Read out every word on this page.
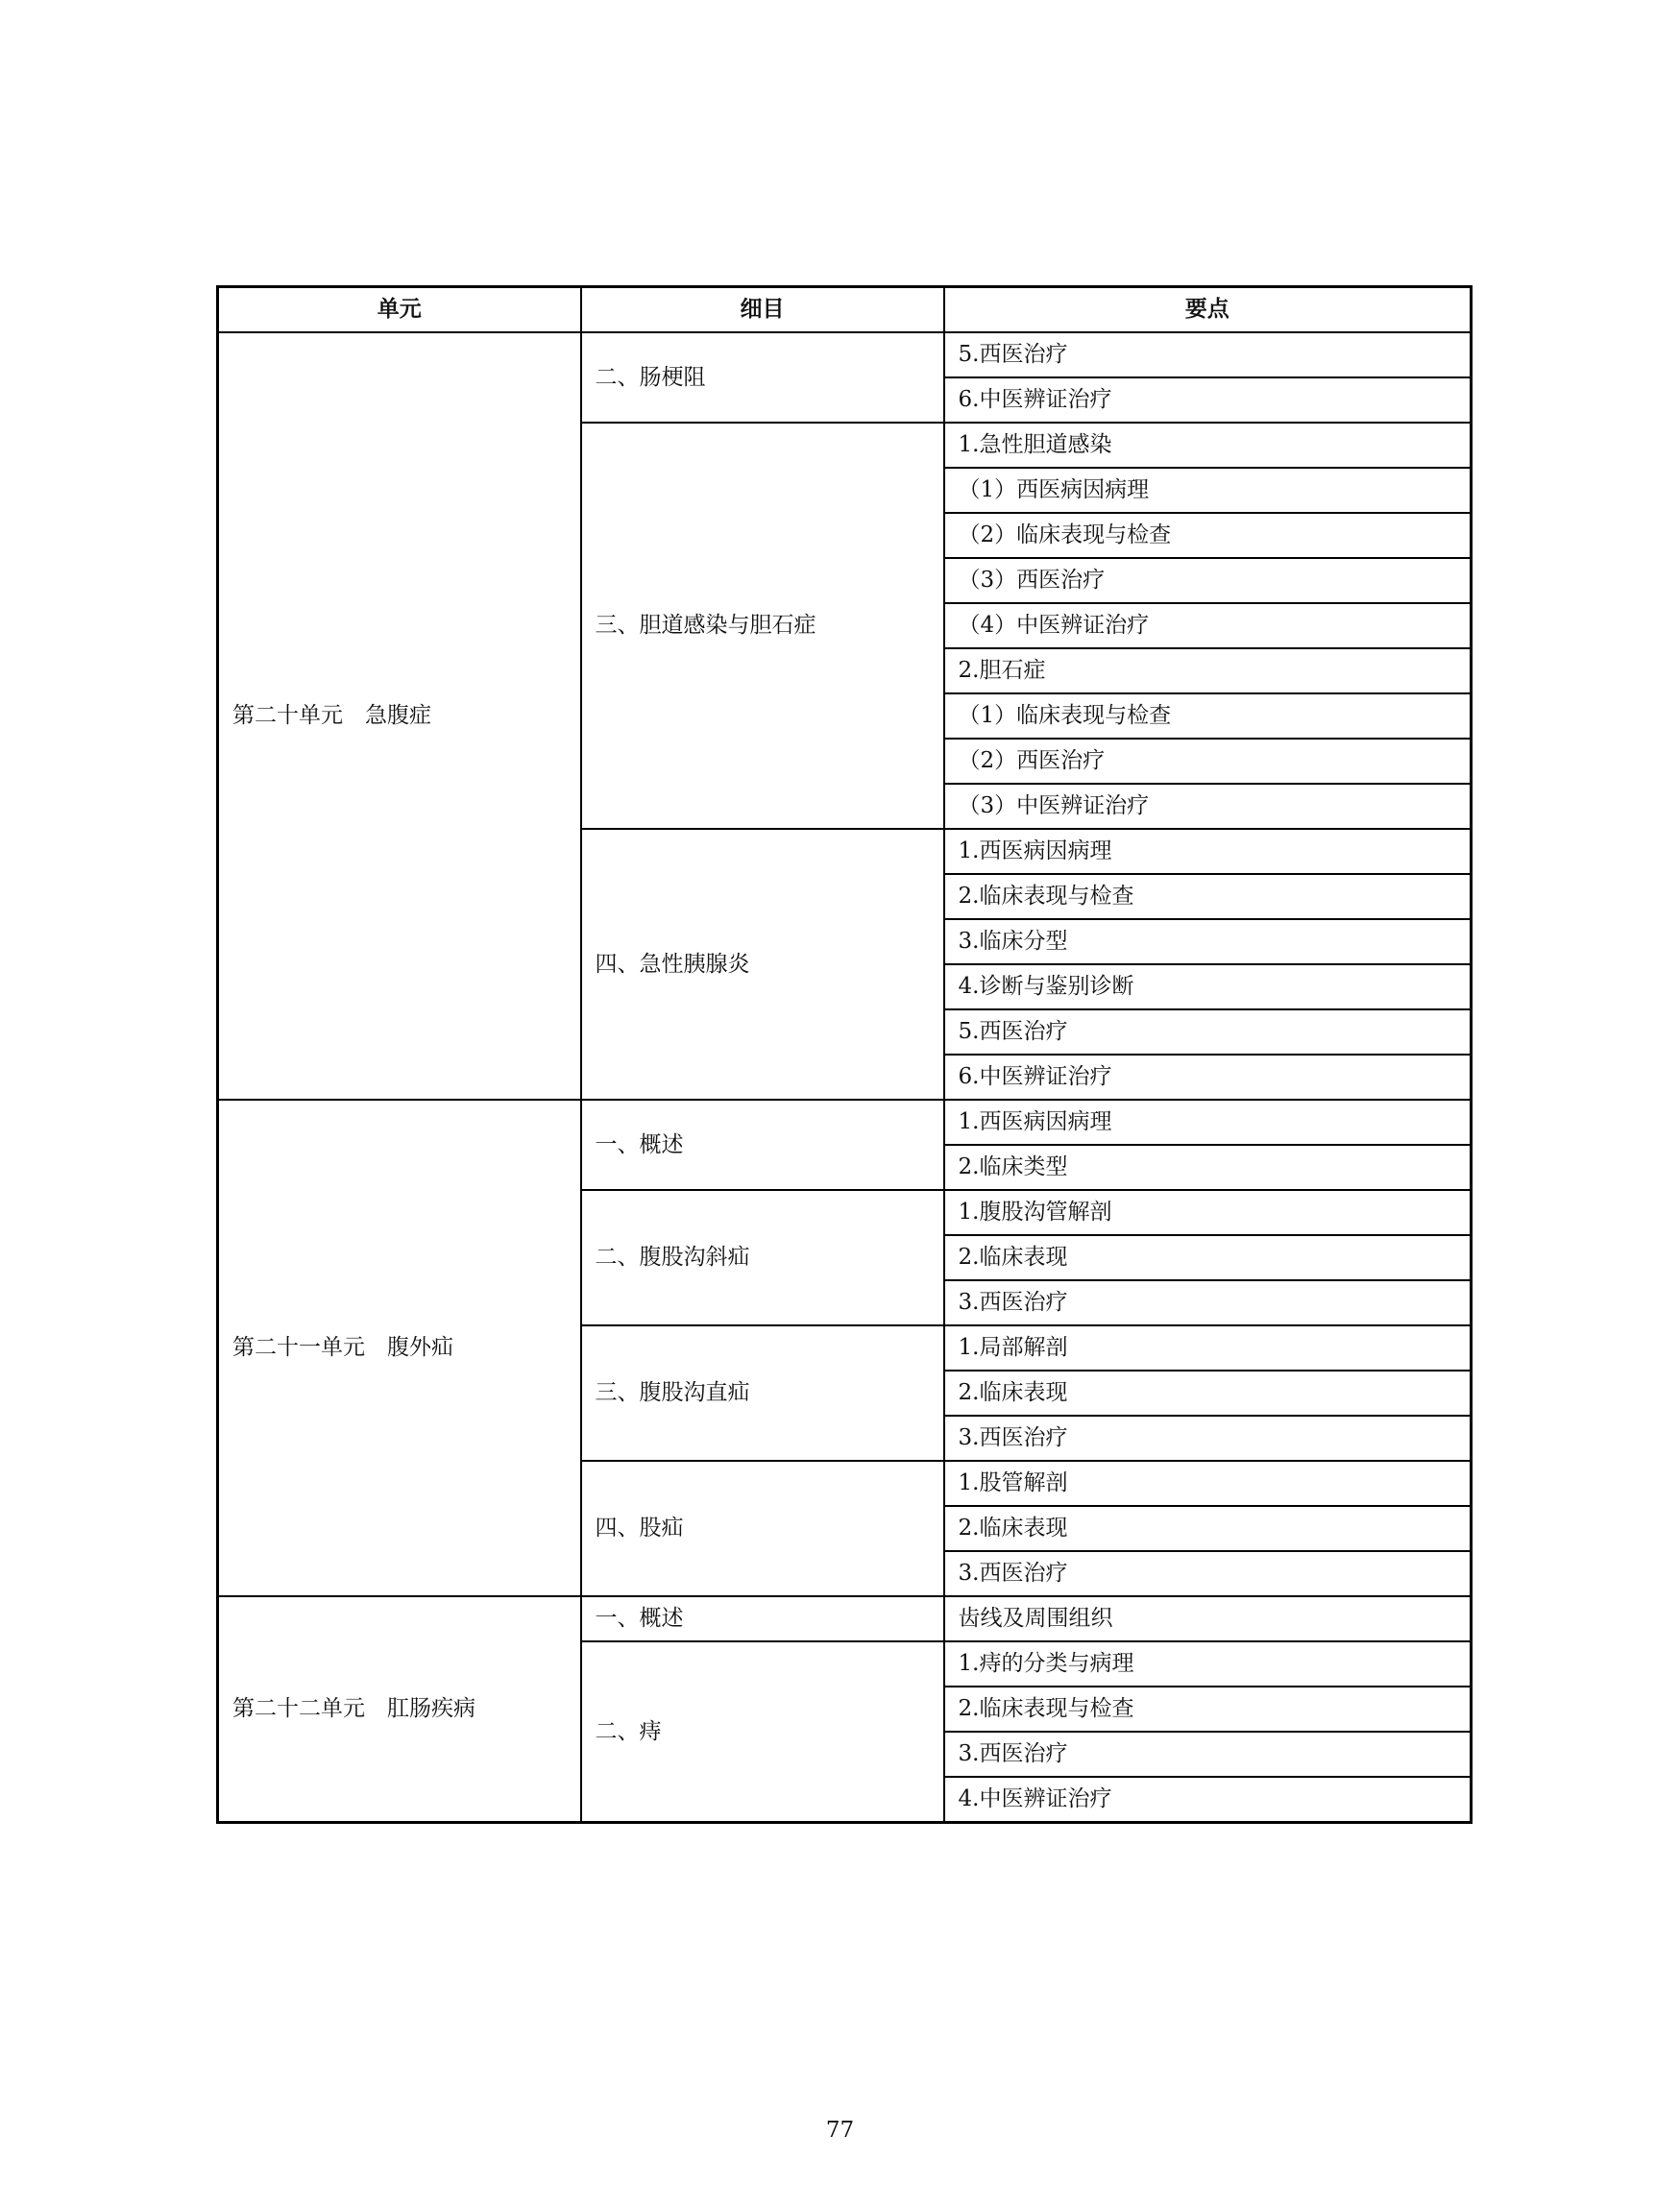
单元	细目	要点
第二十单元　急腹症	二、肠梗阻	5.西医治疗
		6.中医辨证治疗
	三、胆道感染与胆石症	1.急性胆道感染
		（1）西医病因病理
		（2）临床表现与检查
		（3）西医治疗
		（4）中医辨证治疗
		2.胆石症
		（1）临床表现与检查
		（2）西医治疗
		（3）中医辨证治疗
	四、急性胰腺炎	1.西医病因病理
		2.临床表现与检查
		3.临床分型
		4.诊断与鉴别诊断
		5.西医治疗
		6.中医辨证治疗
第二十一单元　腹外疝	一、概述	1.西医病因病理
		2.临床类型
	二、腹股沟斜疝	1.腹股沟管解剖
		2.临床表现
		3.西医治疗
	三、腹股沟直疝	1.局部解剖
		2.临床表现
		3.西医治疗
	四、股疝	1.股管解剖
		2.临床表现
		3.西医治疗
第二十二单元　肛肠疾病	一、概述	齿线及周围组织
	二、痔	1.痔的分类与病理
		2.临床表现与检查
		3.西医治疗
		4.中医辨证治疗
77
